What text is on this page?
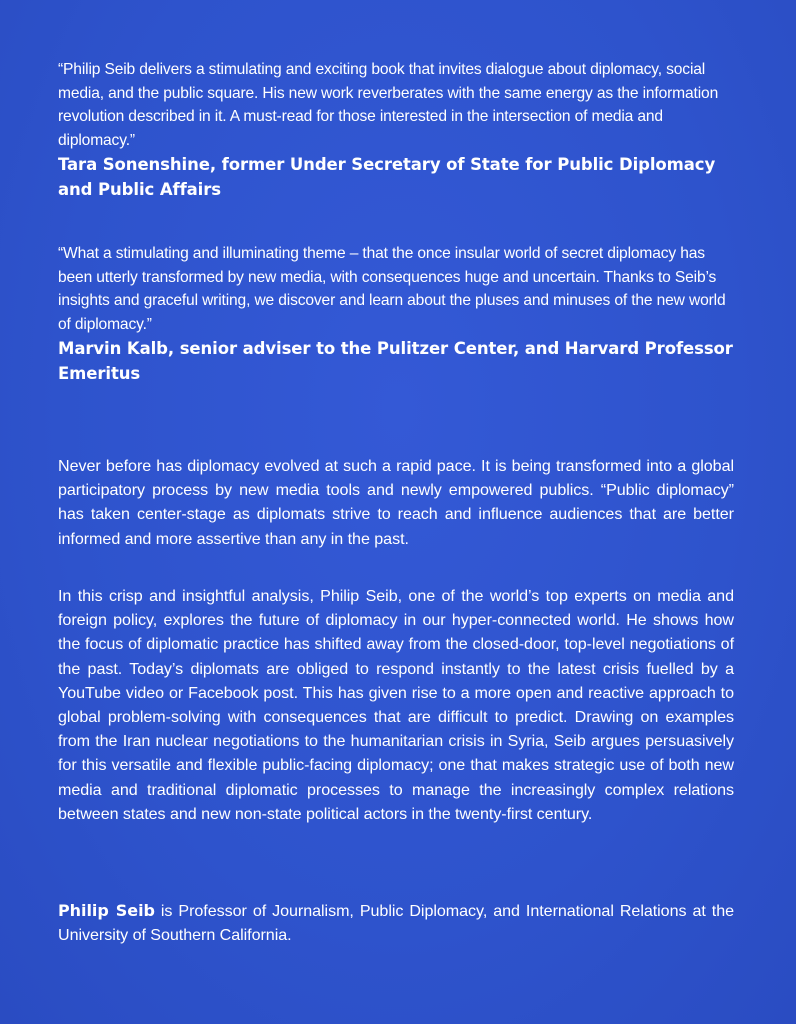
“Philip Seib delivers a stimulating and exciting book that invites dialogue about diplomacy, social media, and the public square. His new work reverberates with the same energy as the information revolution described in it. A must-read for those interested in the intersection of media and diplomacy.”

Tara Sonenshine, former Under Secretary of State for Public Diplomacy and Public Affairs

“What a stimulating and illuminating theme – that the once insular world of secret diplomacy has been utterly transformed by new media, with consequences huge and uncertain. Thanks to Seib’s insights and graceful writing, we discover and learn about the pluses and minuses of the new world of diplomacy.”

Marvin Kalb, senior adviser to the Pulitzer Center, and Harvard Professor Emeritus

Never before has diplomacy evolved at such a rapid pace. It is being transformed into a global participatory process by new media tools and newly empowered publics. “Public diplomacy” has taken center-stage as diplomats strive to reach and influence audiences that are better informed and more assertive than any in the past.

In this crisp and insightful analysis, Philip Seib, one of the world’s top experts on media and foreign policy, explores the future of diplomacy in our hyper-connected world. He shows how the focus of diplomatic practice has shifted away from the closed-door, top-level negotiations of the past. Today’s diplomats are obliged to respond instantly to the latest crisis fuelled by a YouTube video or Facebook post. This has given rise to a more open and reactive approach to global problem-solving with consequences that are difficult to predict. Drawing on examples from the Iran nuclear negotiations to the humanitarian crisis in Syria, Seib argues persuasively for this versatile and flexible public-facing diplomacy; one that makes strategic use of both new media and traditional diplomatic processes to manage the increasingly complex relations between states and new non-state political actors in the twenty-first century.

Philip Seib is Professor of Journalism, Public Diplomacy, and International Relations at the University of Southern California.
